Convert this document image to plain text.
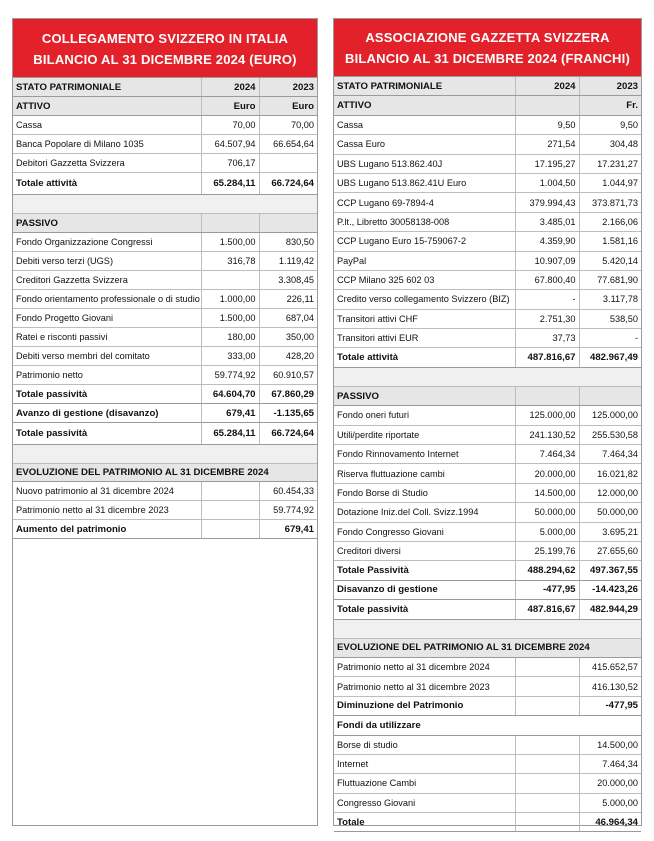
COLLEGAMENTO SVIZZERO IN ITALIA
BILANCIO AL 31 DICEMBRE 2024 (EURO)
STATO PATRIMONIALE	2024	2023
ATTIVO	Euro	Euro
Cassa	70,00	70,00
Banca Popolare di Milano 1035	64.507,94	66.654,64
Debitori Gazzetta Svizzera	706,17	
Totale attività	65.284,11	66.724,64

PASSIVO		
Fondo Organizzazione Congressi	1.500,00	830,50
Debiti verso terzi (UGS)	316,78	1.119,42
Creditori Gazzetta Svizzera		3.308,45
Fondo orientamento professionale o di studio	1.000,00	226,11
Fondo Progetto Giovani	1.500,00	687,04
Ratei e risconti passivi	180,00	350,00
Debiti verso membri del comitato	333,00	428,20
Patrimonio netto	59.774,92	60.910,57
Totale passività	64.604,70	67.860,29
Avanzo di gestione (disavanzo)	679,41	-1.135,65
Totale passività	65.284,11	66.724,64

EVOLUZIONE DEL PATRIMONIO AL 31 DICEMBRE 2024		
Nuovo patrimonio al 31 dicembre 2024		60.454,33
Patrimonio netto al 31 dicembre 2023		59.774,92
Aumento del patrimonio		679,41
ASSOCIAZIONE GAZZETTA SVIZZERA
BILANCIO AL 31 DICEMBRE 2024 (FRANCHI)
STATO PATRIMONIALE	2024	2023
ATTIVO		Fr.
Cassa	9,50	9,50
Cassa Euro	271,54	304,48
UBS Lugano 513.862.40J	17.195,27	17.231,27
UBS Lugano 513.862.41U Euro	1.004,50	1.044,97
CCP Lugano 69-7894-4	379.994,43	373.871,73
P.lt., Libretto 30058138-008	3.485,01	2.166,06
CCP Lugano Euro 15-759067-2	4.359,90	1.581,16
PayPal	10.907,09	5.420,14
CCP Milano 325 602 03	67.800,40	77.681,90
Credito verso collegamento Svizzero (BIZ)	-	3.117,78
Transitori attivi CHF	2.751,30	538,50
Transitori attivi EUR	37,73	-
Totale attività	487.816,67	482.967,49

PASSIVO		
Fondo oneri futuri	125.000,00	125.000,00
Utili/perdite riportate	241.130,52	255.530,58
Fondo Rinnovamento Internet	7.464,34	7.464,34
Riserva fluttuazione cambi	20.000,00	16.021,82
Fondo Borse di Studio	14.500,00	12.000,00
Dotazione Iniz.del Coll. Svizz.1994	50.000,00	50.000,00
Fondo Congresso Giovani	5.000,00	3.695,21
Creditori diversi	25.199,76	27.655,60
Totale Passività	488.294,62	497.367,55
Disavanzo di gestione	-477,95	-14.423,26
Totale passività	487.816,67	482.944,29

EVOLUZIONE DEL PATRIMONIO AL 31 DICEMBRE 2024		
Patrimonio netto al 31 dicembre 2024		415.652,57
Patrimonio netto al 31 dicembre 2023		416.130,52
Diminuzione del Patrimonio		-477,95
Fondi da utilizzare		
Borse di studio		14.500,00
Internet		7.464,34
Fluttuazione Cambi		20.000,00
Congresso Giovani		5.000,00
Totale		46.964,34
